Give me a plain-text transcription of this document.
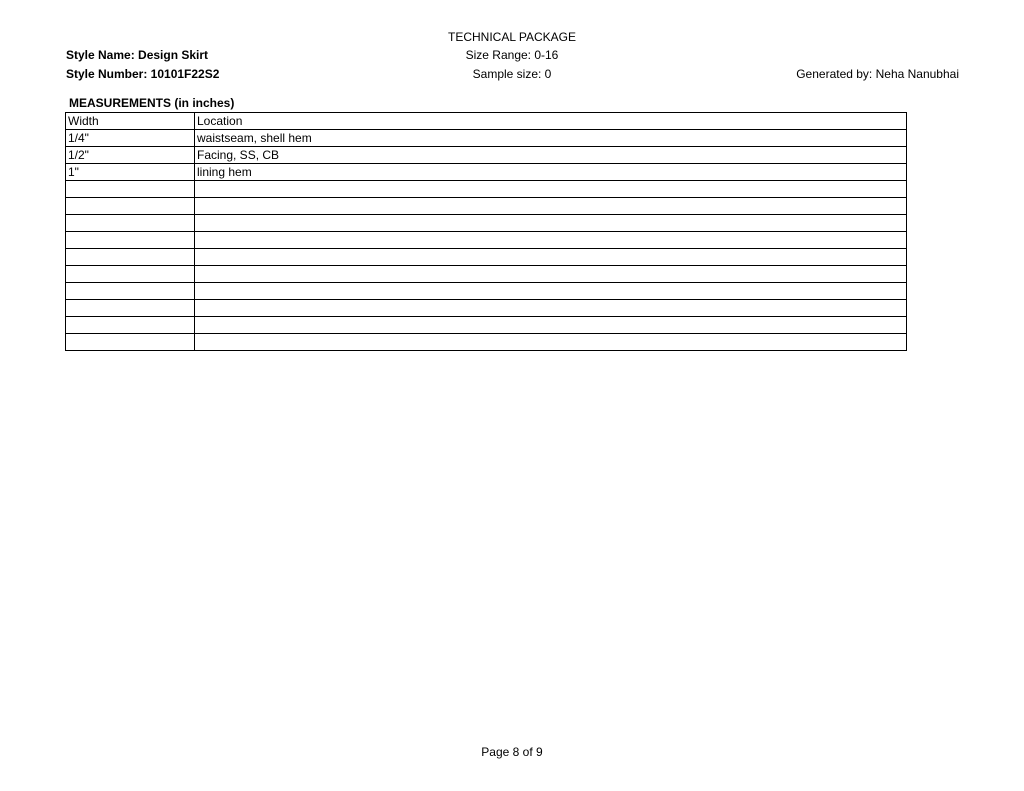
TECHNICAL PACKAGE
Size Range: 0-16
Sample size: 0
Style Name: Design Skirt
Style Number: 10101F22S2	Generated by: Neha Nanubhai
MEASUREMENTS (in inches)
Width	Location
1/4"	waistseam, shell hem
1/2"	Facing, SS, CB
1"	lining hem

Page 8 of 9
